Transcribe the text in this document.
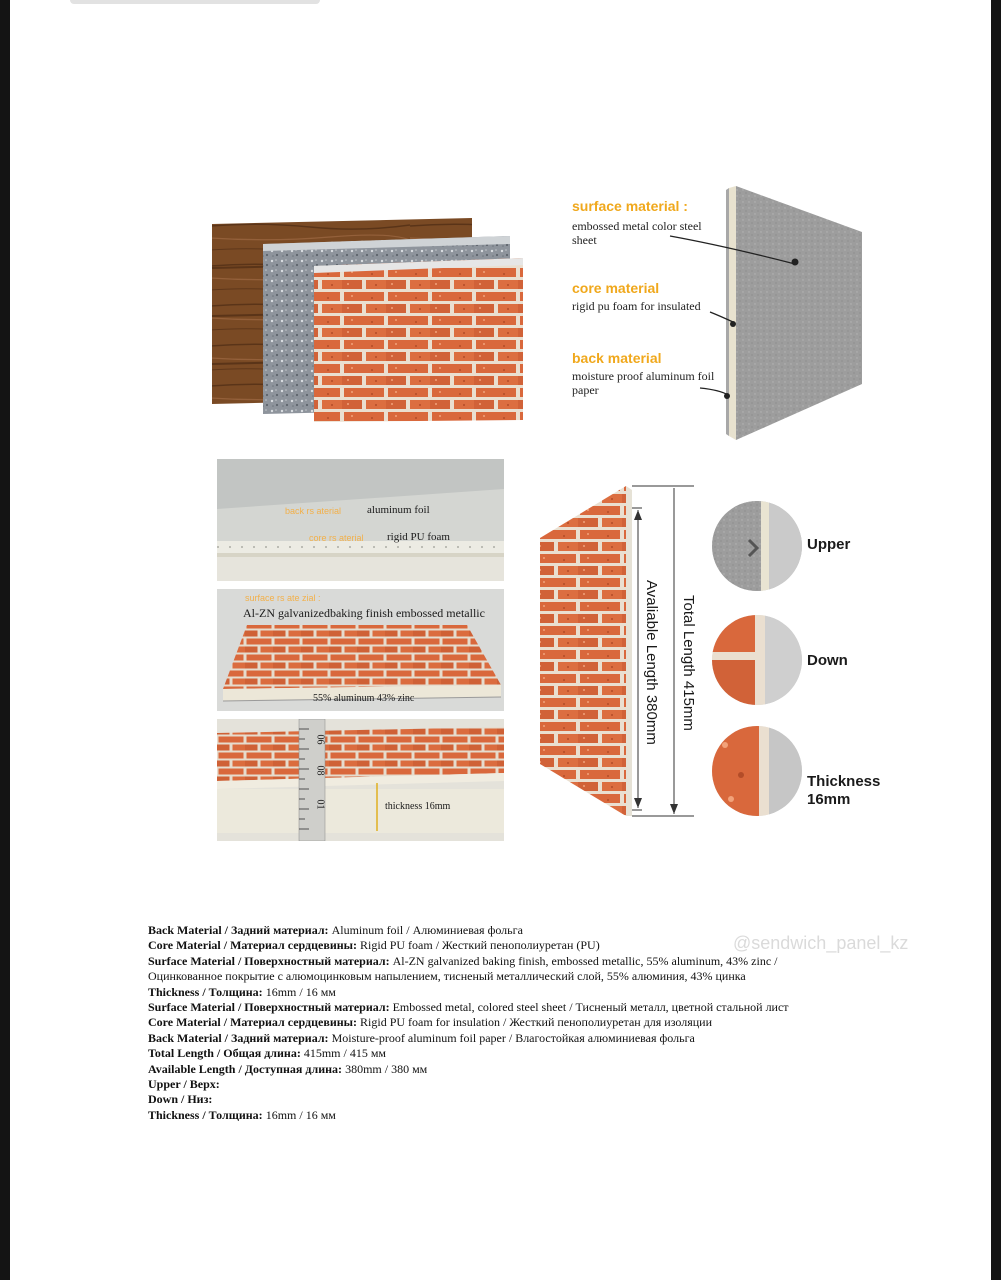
surface material :
embossed metal color steel sheet
core material
rigid pu foam for insulated
back material
moisture proof aluminum foil paper
back rs aterial aluminum foil
core rs aterial rigid PU foam
surface rs ate zial :
Al-ZN galvanizedbaking finish embossed metallic
55% aluminum 43% zinc
06
08
01	thickness 16mm
Avaliable Length 380mm Total Length 415mm
Upper
Down
Thickness
16mm
@sendwich_panel_kz
Back Material / Задний материал: Aluminum foil / Алюминиевая фольга
Core Material / Материал сердцевины: Rigid PU foam / Жесткий пенополиуретан (PU)
Surface Material / Поверхностный материал: Al-ZN galvanized baking finish, embossed metallic, 55% aluminum, 43% zinc /
Оцинкованное покрытие с алюмоцинковым напылением, тисненый металлический слой, 55% алюминия, 43% цинка
Thickness / Толщина: 16mm / 16 мм
Surface Material / Поверхностный материал: Embossed metal, colored steel sheet / Тисненый металл, цветной стальной лист
Core Material / Материал сердцевины: Rigid PU foam for insulation / Жесткий пенополиуретан для изоляции
Back Material / Задний материал: Moisture-proof aluminum foil paper / Влагостойкая алюминиевая фольга
Total Length / Общая длина: 415mm / 415 мм
Available Length / Доступная длина: 380mm / 380 мм
Upper / Верх:
Down / Низ:
Thickness / Толщина: 16mm / 16 мм
